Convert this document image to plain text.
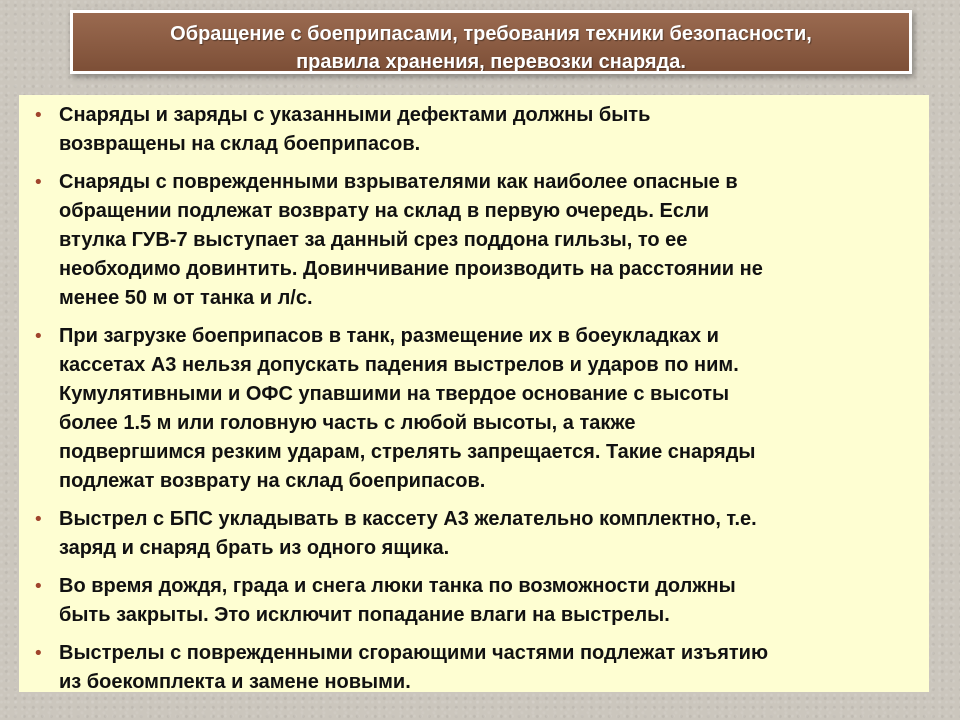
Обращение с боеприпасами, требования техники безопасности,
правила хранения, перевозки снаряда.
• Снаряды и заряды с указанными дефектами должны быть
возвращены на склад боеприпасов.
• Снаряды с поврежденными взрывателями как наиболее опасные в
обращении подлежат возврату на склад в первую очередь. Если
втулка ГУВ-7 выступает за данный срез поддона гильзы, то ее
необходимо довинтить. Довинчивание производить на расстоянии не
менее 50 м от танка и л/с.
• При загрузке боеприпасов в танк, размещение их в боеукладках и
кассетах А3 нельзя допускать падения выстрелов и ударов по ним.
Кумулятивными и ОФС упавшими на твердое основание с высоты
более 1.5 м или головную часть с любой высоты, а также
подвергшимся резким ударам, стрелять запрещается. Такие снаряды
подлежат возврату на склад боеприпасов.
• Выстрел с БПС укладывать в кассету А3 желательно комплектно, т.е.
заряд и снаряд брать из одного ящика.
• Во время дождя, града и снега люки танка по возможности должны
быть закрыты. Это исключит попадание влаги на выстрелы.
• Выстрелы с поврежденными сгорающими частями подлежат изъятию
из боекомплекта и замене новыми.
